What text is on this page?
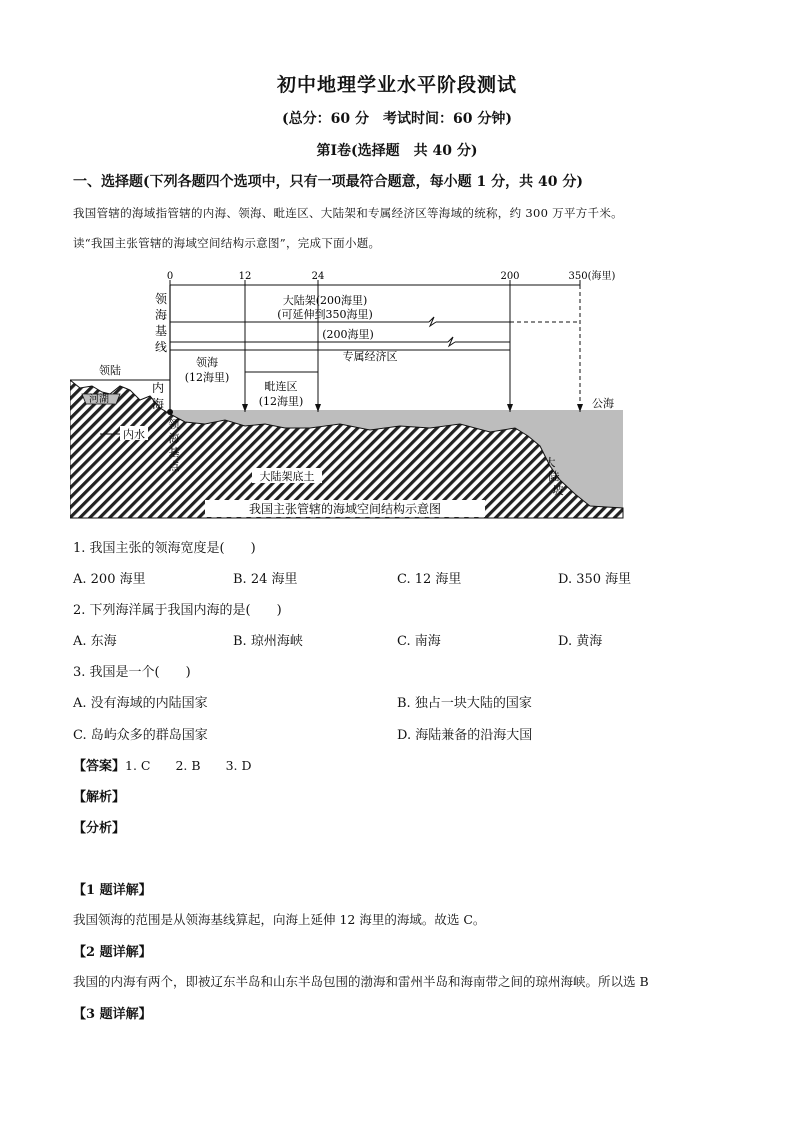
初中地理学业水平阶段测试
(总分：60 分　考试时间：60 分钟)
第Ⅰ卷(选择题　共 40 分)
一、选择题(下列各题四个选项中，只有一项最符合题意，每小题 1 分，共 40 分)
我国管辖的海域指管辖的内海、领海、毗连区、大陆架和专属经济区等海域的统称，约 300 万平方千米。
读“我国主张管辖的海域空间结构示意图”，完成下面小题。
0	12	24	200	350(海里)
大陆架(200海里)
(可延伸到350海里)
(200海里)
专属经济区
领海
(12海里)
毗连区
(12海里)
领海基线
内海
领海基点	大陆坡
领陆
河湖
内水
大陆架底土
公海
我国主张管辖的海域空间结构示意图
1. 我国主张的领海宽度是(　　)
A. 200 海里	B. 24 海里	C. 12 海里	D. 350 海里
2. 下列海洋属于我国内海的是(　　)
A. 东海	B. 琼州海峡	C. 南海	D. 黄海
3. 我国是一个(　　)
A. 没有海域的内陆国家	B. 独占一块大陆的国家
C. 岛屿众多的群岛国家	D. 海陆兼备的沿海大国
【答案】1. C　　2. B　　3. D
【解析】
【分析】
【1 题详解】
我国领海的范围是从领海基线算起，向海上延伸 12 海里的海域。故选 C。
【2 题详解】
我国的内海有两个，即被辽东半岛和山东半岛包围的渤海和雷州半岛和海南带之间的琼州海峡。所以选 B
【3 题详解】
